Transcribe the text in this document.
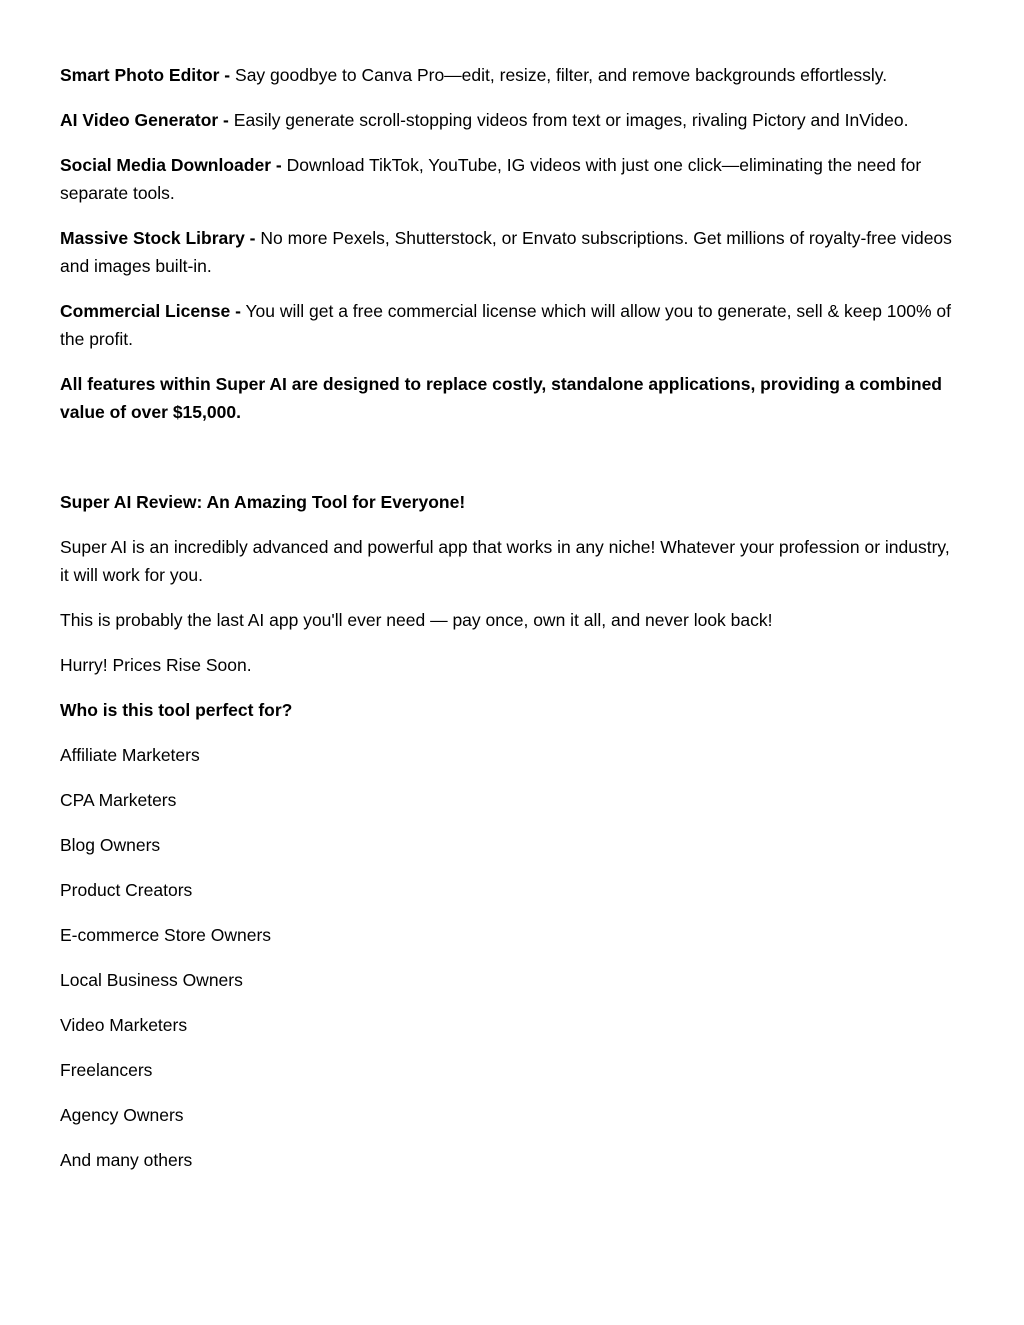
Smart Photo Editor - Say goodbye to Canva Pro—edit, resize, filter, and remove backgrounds effortlessly.

AI Video Generator - Easily generate scroll-stopping videos from text or images, rivaling Pictory and InVideo.

Social Media Downloader - Download TikTok, YouTube, IG videos with just one click—eliminating the need for separate tools.

Massive Stock Library - No more Pexels, Shutterstock, or Envato subscriptions. Get millions of royalty-free videos and images built-in.

Commercial License - You will get a free commercial license which will allow you to generate, sell & keep 100% of the profit.

All features within Super AI are designed to replace costly, standalone applications, providing a combined value of over $15,000.

Super AI Review: An Amazing Tool for Everyone!

Super AI is an incredibly advanced and powerful app that works in any niche! Whatever your profession or industry, it will work for you.

This is probably the last AI app you'll ever need — pay once, own it all, and never look back!

Hurry! Prices Rise Soon.

Who is this tool perfect for?

Affiliate Marketers

CPA Marketers

Blog Owners

Product Creators

E-commerce Store Owners

Local Business Owners

Video Marketers

Freelancers

Agency Owners

And many others
